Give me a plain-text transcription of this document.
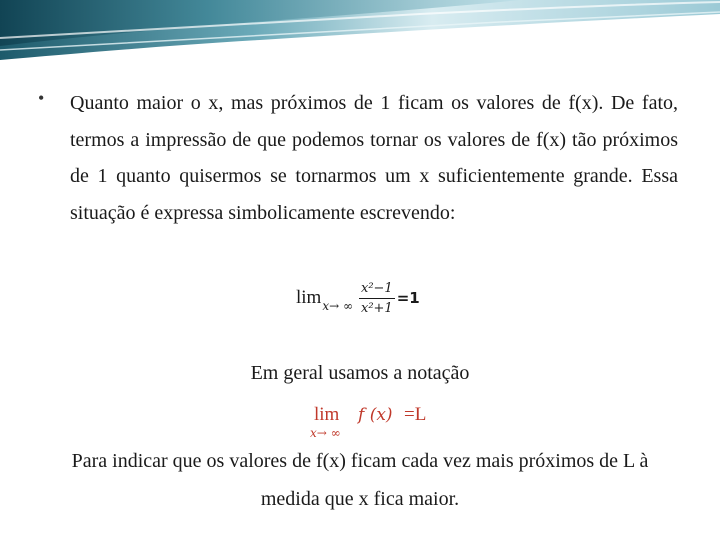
• Quanto maior o x, mas próximos de 1 ficam os valores de f(x). De fato, termos a impressão de que podemos tornar os valores de f(x) tão próximos de 1 quanto quisermos se tornarmos um x suficientemente grande. Essa situação é expressa simbolicamente escrevendo:
lim x→ ∞ $\frac{\text{x²−1}}{\text{x²+1}} =1$
Em geral usamos a notação
lim
x→ ∞
f (x) =L
Para indicar que os valores de f(x) ficam cada vez mais próximos de L à medida que x fica maior.
